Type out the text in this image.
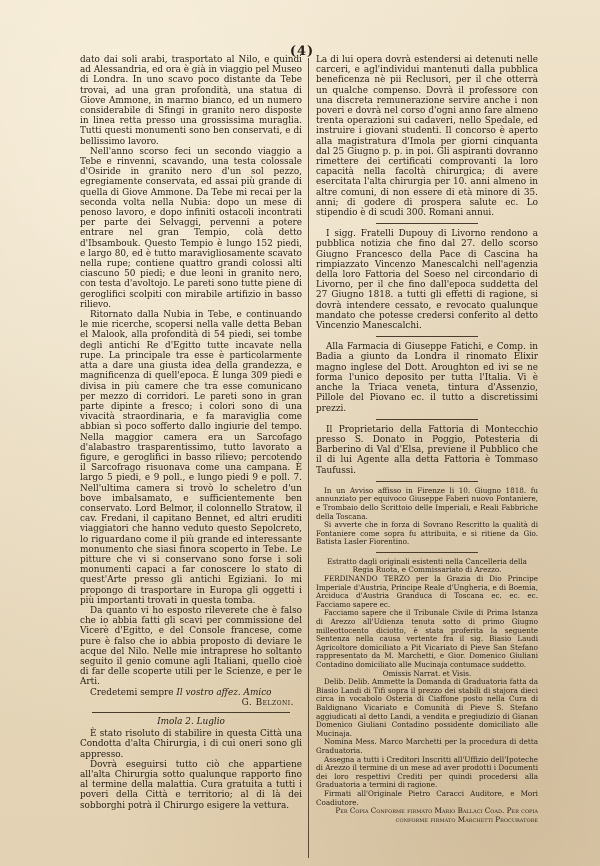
(4)

dato dai soli arabi, trasportato al Nilo, e quindi ad Alessandria, ed ora è già in viaggio pel Museo di Londra. In uno scavo poco distante da Tebe trovai, ad una gran profondità, una statua di Giove Ammone, in marmo bianco, ed un numero considerabile di Sfingi in granito nero disposte in linea retta presso una grossissima muraglia. Tutti questi monumenti sono ben conservati, e di bellissimo lavoro.

Nell'anno scorso feci un secondo viaggio a Tebe e rinvenni, scavando, una testa colossale d'Osiride in granito nero d'un sol pezzo, egregiamente conservata, ed assai più grande di quella di Giove Ammone. Da Tebe mi recai per la seconda volta nella Nubia: dopo un mese di penoso lavoro, e dopo infiniti ostacoli incontrati per parte dei Selvaggi, pervenni a potere entrare nel gran Tempio, colà detto d'Ibsambouk. Questo Tempio è lungo 152 piedi, e largo 80, ed è tutto maravigliosamente scavato nella rupe; contiene quattro grandi colossi alti ciascuno 50 piedi; e due leoni in granito nero, con testa d'avoltojo. Le pareti sono tutte piene di geroglifici scolpiti con mirabile artifizio in basso rilievo.

Ritornato dalla Nubia in Tebe, e continuando le mie ricerche, scopersi nella valle detta Beban el Malook, alla profondità di 54 piedi, sei tombe degli antichi Re d'Egitto tutte incavate nella rupe. La principale tra esse è particolarmente atta a dare una giusta idea della grandezza, e magnificenza di quell'epoca. È lunga 309 piedi e divisa in più camere che tra esse comunicano per mezzo di corridori. Le pareti sono in gran parte dipinte a fresco; i colori sono di una vivacità straordinaria, e fa maraviglia come abbian sì poco sofferto dallo ingiurie del tempo. Nella maggior camera era un Sarcofago d'alabastro trasparentissimo, tutto lavorato a figure, e geroglifici in basso rilievo; percotendo il Sarcofrago risuonava come una campana. È largo 5 piedi, e 9 poll., e lungo piedi 9 e poll. 7. Nell'ultima camera si trovò lo scheletro d'un bove imbalsamato, e sufficientemente ben conservato. Lord Belmor, il colonnello Stratow, il cav. Fredani, il capitano Bennet, ed altri eruditi viaggiatori che hanno veduto questo Sepolcreto, lo riguardano come il più grande ed interessante monumento che siasi finora scoperto in Tebe. Le pitture che vi si conservano sono forse i soli monumenti capaci a far conoscere lo stato di quest'Arte presso gli antichi Egiziani. Io mi propongo di trasportare in Europa gli oggetti i più importanti trovati in questa tomba.

Da quanto vi ho esposto rileverete che è falso che io abbia fatti gli scavi per commissione del Vicerè d'Egitto, e del Console francese, come pure è falso che io abbia proposto di deviare le acque del Nilo. Nelle mie intraprese ho soltanto seguito il genio comune agli Italiani, quello cioè di far delle scoperte utili per le Scienze, e per le Arti.

Credetemi sempre Il vostro affez. Amico

G. Belzoni.
Imola 2. Luglio

È stato risoluto di stabilire in questa Città una Condotta d'alta Chirurgia, i di cui oneri sono gli appresso.

Dovrà eseguirsi tutto ciò che appartiene all'alta Chirurgia sotto qualunque rapporto fino al termine della malattia. Cura gratuita a tutti i poveri della Città e territorio; al di là dei sobborghi potrà il Chirurgo esigere la vettura.

La di lui opera dovrà estendersi ai detenuti nelle carceri, e agl'individui mantenuti dalla pubblica beneficenza nè pii Reclusori, per il che otterrà un qualche compenso. Dovrà il professore con una discreta remunerazione servire anche i non poveri e dovrà nel corso d'ogni anno fare almeno trenta operazioni sui cadaveri, nello Spedale, ed instruire i giovani studenti. Il concorso è aperto alla magistratura d'Imola per giorni cinquanta dal 25 Giugno p. p. in poi. Gli aspiranti dovranno rimettere dei certificati comprovanti la loro capacità nella facoltà chirurgica; di avere esercitata l'alta chirurgia per 10. anni almeno in altre comuni, di non essere di età minore di 35. anni; di godere di prospera salute ec. Lo stipendio è di scudi 300. Romani annui.

I sigg. Fratelli Dupouy di Livorno rendono a pubblica notizia che fino dal 27. dello scorso Giugno Francesco della Pace di Cascina ha rimpiazzato Vincenzo Manescalchi nell'agenzia della loro Fattoria del Soeso nel circondario di Livorno, per il che fino dall'epoca suddetta del 27 Giugno 1818. a tutti gli effetti di ragione, si dovrà intendere cessato, e revocato qualunque mandato che potesse credersi conferito al detto Vincenzio Manescalchi.

Alla Farmacia di Giuseppe Fatichi, e Comp. in Badia a giunto da Londra il rinomato Elixir magno inglese del Dott. Aroughton ed ivi se ne forma l'unico deposito per tutta l'Italia. Vi è anche la Triaca veneta, tintura d'Assenzio, Pillole del Piovano ec. il tutto a discretissimi prezzi.

Il Proprietario della Fattoria di Montecchio presso S. Donato in Poggio, Potesteria di Barberino di Val d'Elsa, previene il Pubblico che il di lui Agente alla detta Fattoria è Tommaso Taufussi.

In un Avviso affisso in Firenze li 10. Giugno 1818. fu annunziato per equivoco Giuseppe Faberi nuovo Fontaniere, e Trombaio dello Scrittoio delle Imperiali, e Reali Fabbriche della Toscana.

Si avverte che in forza di Sovrano Rescritto la qualità di Fontaniere come sopra fu attribuita, e si ritiene da Gio. Batista Lasler Fiorentino.

Estratto dagli originali esistenti nella Cancelleria della Regia Ruota, e Commissariato di Arezzo.

FERDINANDO TERZO per la Grazia di Dio Principe Imperiale d'Austria, Principe Reale d'Ungheria, e di Boemia, Arciduca d'Austria Granduca di Toscana ec. ec. ec. Facciamo sapere ec.

Facciamo sapere che il Tribunale Civile di Prima Istanza di Arezzo all'Udienza tenuta sotto di primo Giugno milleottocento diciotto, è stata proferita la seguente Sentenza nella causa vertente fra il sig. Biasio Laudi Agricoltore domiciliato a Pit Vicariato di Pieve San Stefano rappresentato da M. Marchetti, e Gior. Domenico Giuliani Contadino domiciliato alle Mucinaja contumace suddetto.

Omissis Narrat. et Visis.

Delib. Delib. Ammette la Domanda di Graduatoria fatta da Biasio Landi di Tifi sopra il prezzo dei stabili di stajora dieci circa in vocabolo Osteria di Ciaffone posto nella Cura di Baldignano Vicariato e Comunità di Pieve S. Stefano aggiudicati al detto Landi, a vendita e pregiudizio di Gianan Domenico Giuliani Contadino possidente domiciliato alle Mucinaja.

Nomina Mess. Marco Marchetti per la procedura di detta Graduatoria.

Assegna a tutti i Creditori Inscritti all'Uffizio dell'Ipoteche di Arezzo il termine di un mese ad aver prodotti i Documenti dei loro respettivi Crediti per quindi procedersi alla Graduatoria a termini di ragione.

Firmati all'Originale Pietro Caracci Auditore, e Mori Coadiutore.

Per Copia Conforme firmato Mario Ballaci Coad. Per copia conforme firmato Marchetti Procuratore
